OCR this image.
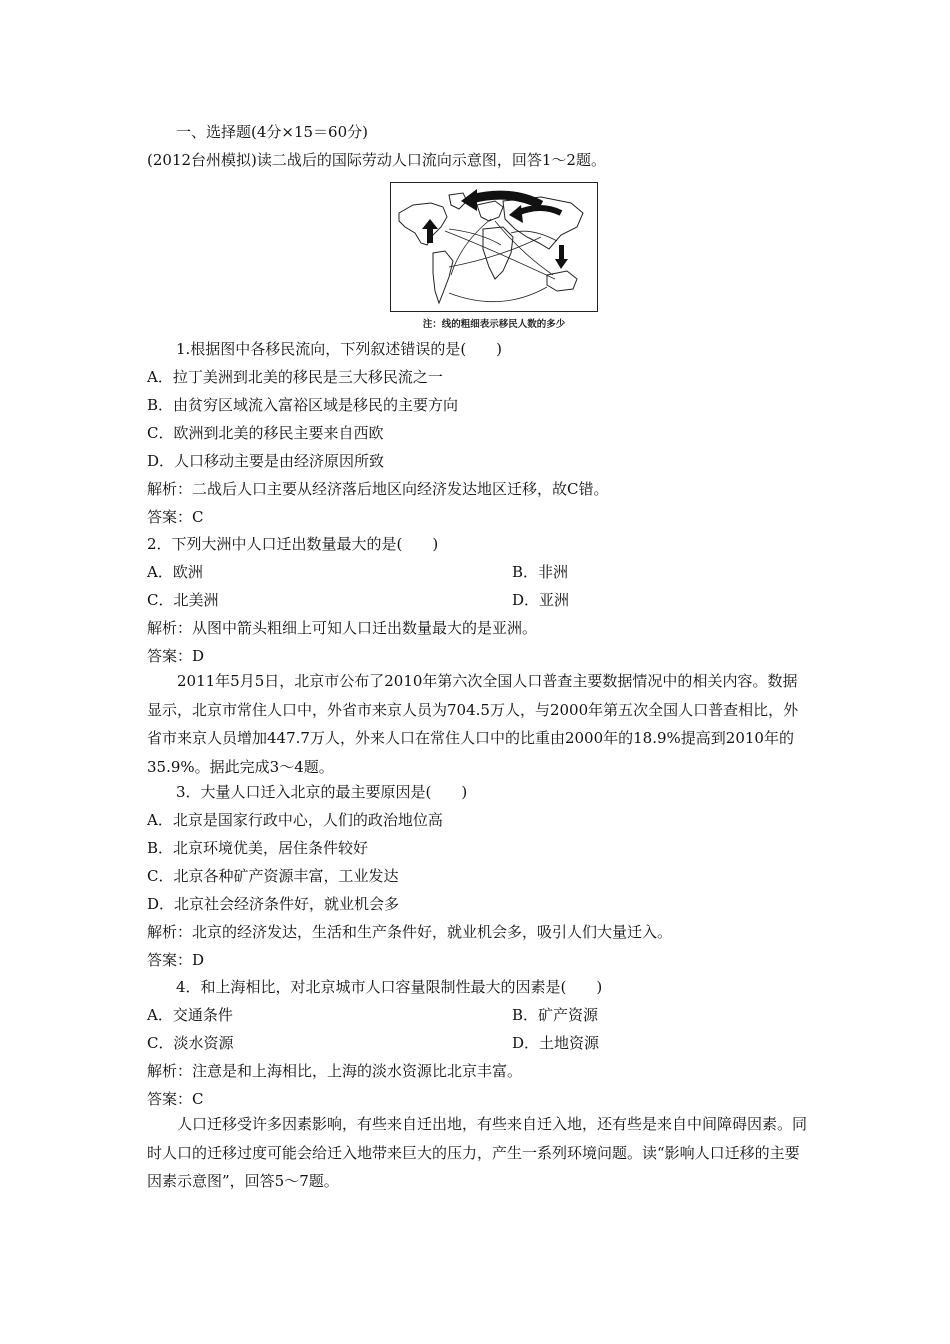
一、选择题(4分×15＝60分)
(2012台州模拟)读二战后的国际劳动人口流向示意图，回答1～2题。
注：线的粗细表示移民人数的多少
1.根据图中各移民流向，下列叙述错误的是(　　)
A．拉丁美洲到北美的移民是三大移民流之一
B．由贫穷区域流入富裕区域是移民的主要方向
C．欧洲到北美的移民主要来自西欧
D．人口移动主要是由经济原因所致
解析：二战后人口主要从经济落后地区向经济发达地区迁移，故C错。
答案：C
2．下列大洲中人口迁出数量最大的是(　　)
A．欧洲	B．非洲
C．北美洲	D．亚洲
解析：从图中箭头粗细上可知人口迁出数量最大的是亚洲。
答案：D
2011年5月5日，北京市公布了2010年第六次全国人口普查主要数据情况中的相关内容。数据显示，北京市常住人口中，外省市来京人员为704.5万人，与2000年第五次全国人口普查相比，外省市来京人员增加447.7万人，外来人口在常住人口中的比重由2000年的18.9%提高到2010年的35.9%。据此完成3～4题。
3．大量人口迁入北京的最主要原因是(　　)
A．北京是国家行政中心，人们的政治地位高
B．北京环境优美，居住条件较好
C．北京各种矿产资源丰富，工业发达
D．北京社会经济条件好，就业机会多
解析：北京的经济发达，生活和生产条件好，就业机会多，吸引人们大量迁入。
答案：D
4．和上海相比，对北京城市人口容量限制性最大的因素是(　　)
A．交通条件	B．矿产资源
C．淡水资源	D．土地资源
解析：注意是和上海相比，上海的淡水资源比北京丰富。
答案：C
人口迁移受许多因素影响，有些来自迁出地，有些来自迁入地，还有些是来自中间障碍因素。同时人口的迁移过度可能会给迁入地带来巨大的压力，产生一系列环境问题。读“影响人口迁移的主要因素示意图”，回答5～7题。
